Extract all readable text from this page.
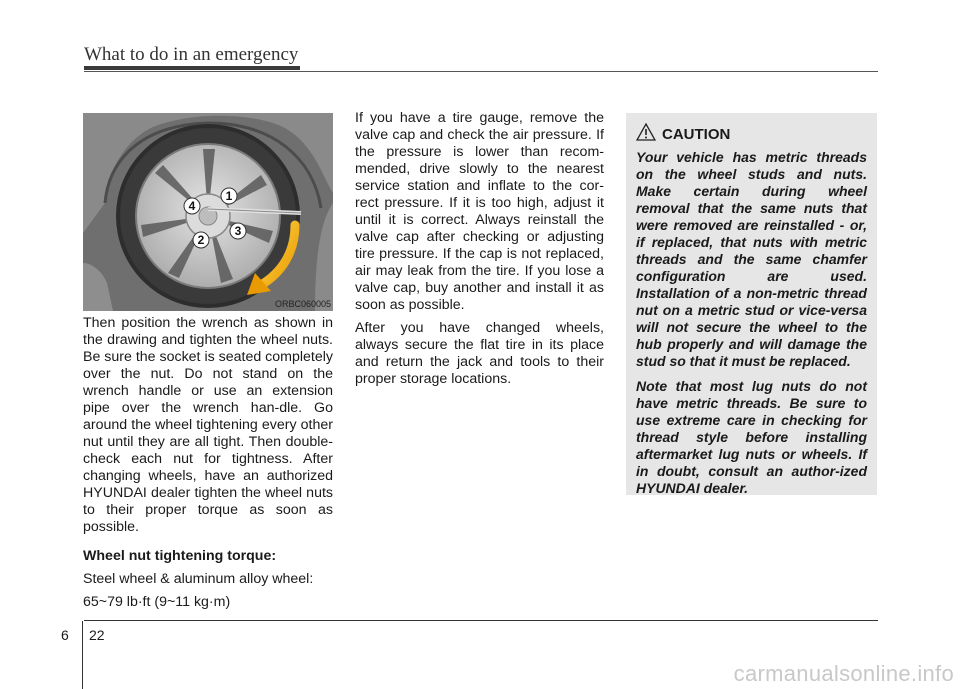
What to do in an emergency
1
2
3
4
ORBC060005

Then position the wrench as shown in the drawing and tighten the wheel nuts. Be sure the socket is seated completely over the nut. Do not stand on the wrench handle or use an extension pipe over the wrench han-dle. Go around the wheel tightening every other nut until they are all tight. Then double-check each nut for tightness. After changing wheels, have an authorized HYUNDAI dealer tighten the wheel nuts to their proper torque as soon as possible.

Wheel nut tightening torque:

Steel wheel & aluminum alloy wheel:

65~79 lb·ft (9~11 kg·m)

If you have a tire gauge, remove the valve cap and check the air pressure. If the pressure is lower than recom-mended, drive slowly to the nearest service station and inflate to the cor-rect pressure. If it is too high, adjust it until it is correct. Always reinstall the valve cap after checking or adjusting tire pressure. If the cap is not replaced, air may leak from the tire. If you lose a valve cap, buy another and install it as soon as possible.

After you have changed wheels, always secure the flat tire in its place and return the jack and tools to their proper storage locations.

CAUTION

Your vehicle has metric threads on the wheel studs and nuts. Make certain during wheel removal that the same nuts that were removed are reinstalled - or, if replaced, that nuts with metric threads and the same chamfer configuration are used. Installation of a non-metric thread nut on a metric stud or vice-versa will not secure the wheel to the hub properly and will damage the stud so that it must be replaced.

Note that most lug nuts do not have metric threads. Be sure to use extreme care in checking for thread style before installing aftermarket lug nuts or wheels. If in doubt, consult an author-ized HYUNDAI dealer.

6 22
carmanualsonline.info
